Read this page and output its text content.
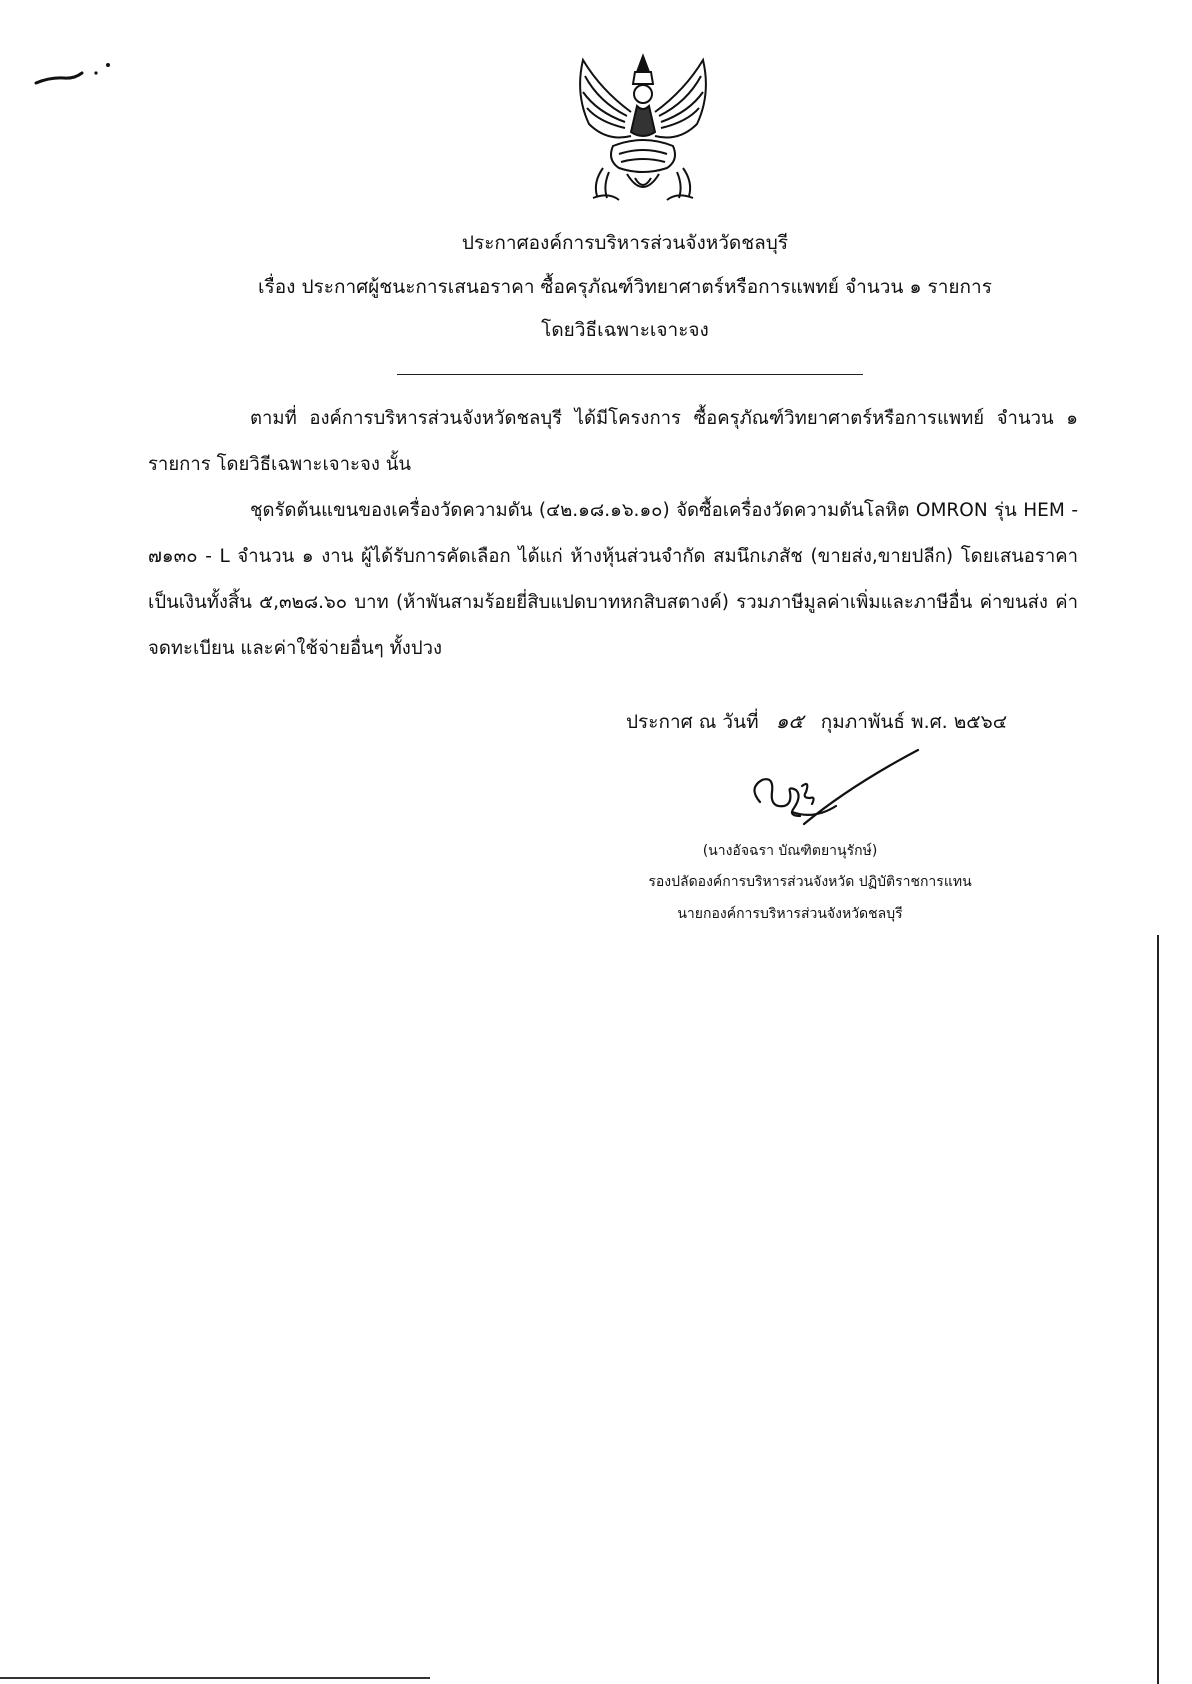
ประกาศองค์การบริหารส่วนจังหวัดชลบุรี
เรื่อง ประกาศผู้ชนะการเสนอราคา ซื้อครุภัณฑ์วิทยาศาตร์หรือการแพทย์ จำนวน ๑ รายการ
โดยวิธีเฉพาะเจาะจง
ตามที่ องค์การบริหารส่วนจังหวัดชลบุรี ได้มีโครงการ ซื้อครุภัณฑ์วิทยาศาตร์หรือการแพทย์ จำนวน ๑ รายการ โดยวิธีเฉพาะเจาะจง นั้น
ชุดรัดต้นแขนของเครื่องวัดความดัน (๔๒.๑๘.๑๖.๑๐) จัดซื้อเครื่องวัดความดันโลหิต OMRON รุ่น HEM - ๗๑๓๐ - L จำนวน ๑ งาน ผู้ได้รับการคัดเลือก ได้แก่ ห้างหุ้นส่วนจำกัด สมนึกเภสัช (ขายส่ง,ขายปลีก) โดยเสนอราคา เป็นเงินทั้งสิ้น ๕,๓๒๘.๖๐ บาท (ห้าพันสามร้อยยี่สิบแปดบาทหกสิบสตางค์) รวมภาษีมูลค่าเพิ่มและภาษีอื่น ค่าขนส่ง ค่าจดทะเบียน และค่าใช้จ่ายอื่นๆ ทั้งปวง
ประกาศ ณ วันที่ ๑๕ กุมภาพันธ์ พ.ศ. ๒๕๖๔
(นางอัจฉรา บัณฑิตยานุรักษ์)
รองปลัดองค์การบริหารส่วนจังหวัด ปฏิบัติราชการแทน
นายกองค์การบริหารส่วนจังหวัดชลบุรี
